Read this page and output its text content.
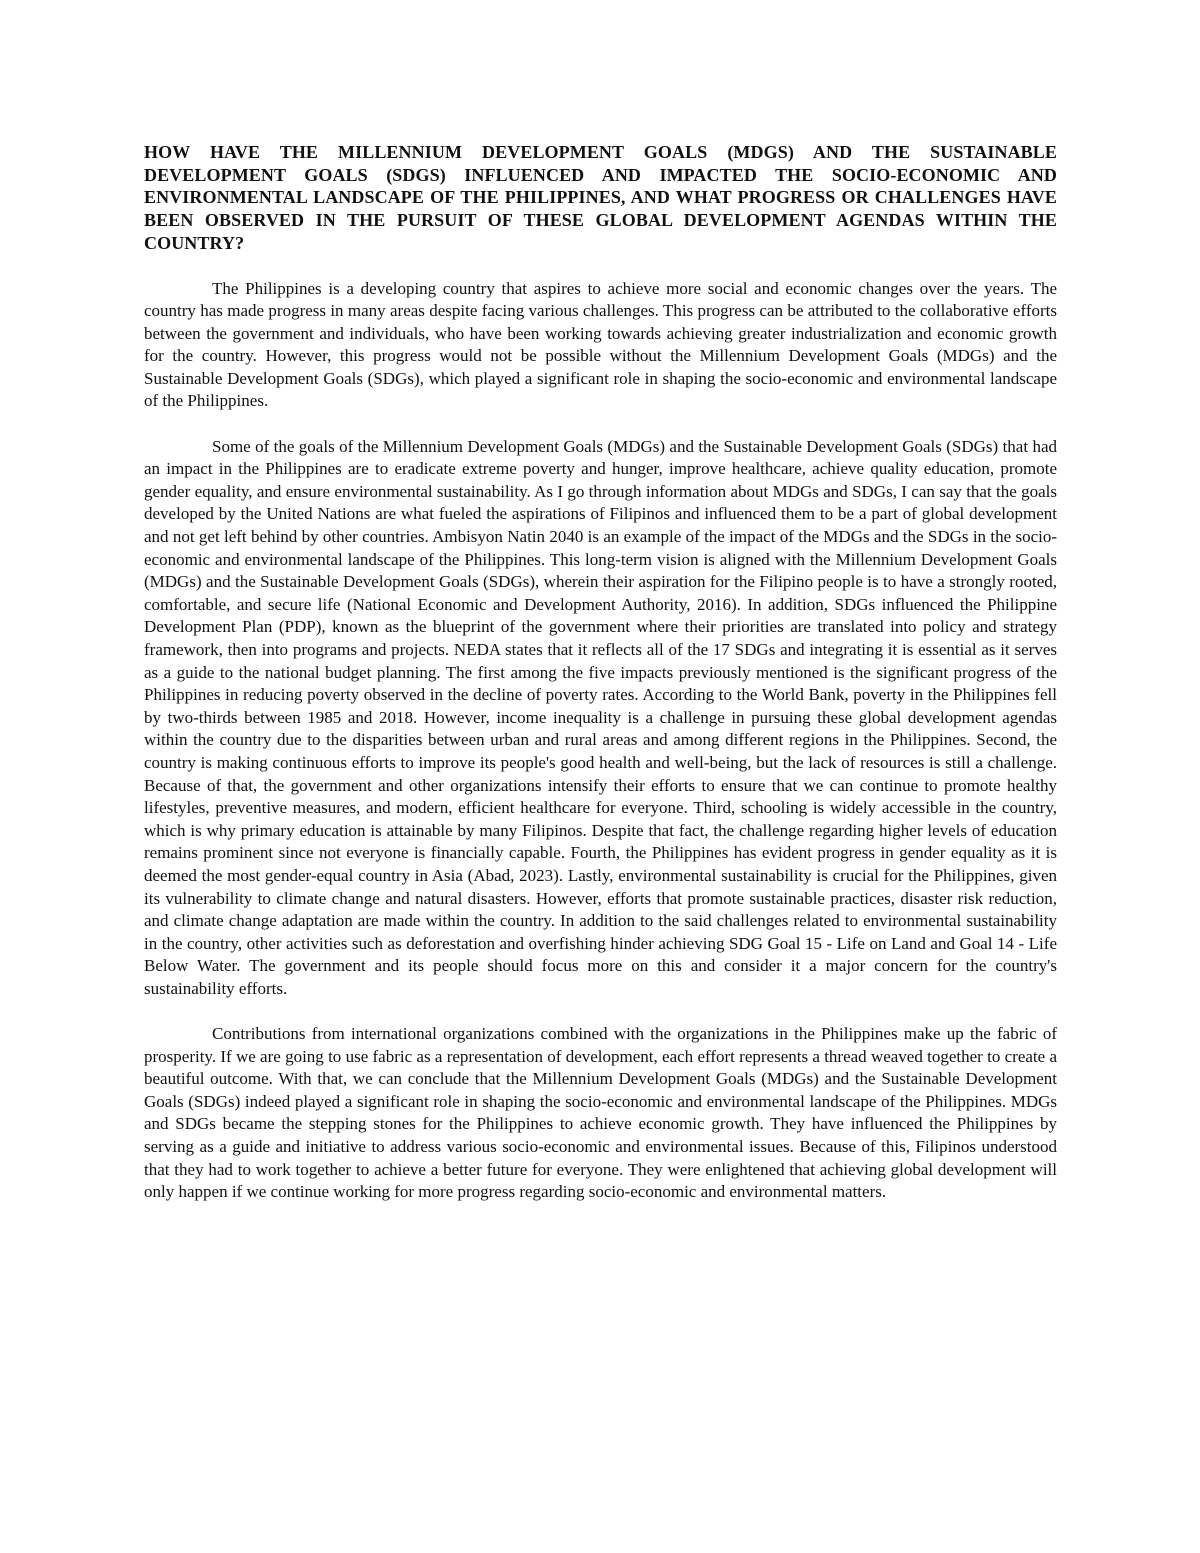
HOW HAVE THE MILLENNIUM DEVELOPMENT GOALS (MDGS) AND THE SUSTAINABLE DEVELOPMENT GOALS (SDGS) INFLUENCED AND IMPACTED THE SOCIO-ECONOMIC AND ENVIRONMENTAL LANDSCAPE OF THE PHILIPPINES, AND WHAT PROGRESS OR CHALLENGES HAVE BEEN OBSERVED IN THE PURSUIT OF THESE GLOBAL DEVELOPMENT AGENDAS WITHIN THE COUNTRY?

The Philippines is a developing country that aspires to achieve more social and economic changes over the years. The country has made progress in many areas despite facing various challenges. This progress can be attributed to the collaborative efforts between the government and individuals, who have been working towards achieving greater industrialization and economic growth for the country. However, this progress would not be possible without the Millennium Development Goals (MDGs) and the Sustainable Development Goals (SDGs), which played a significant role in shaping the socio-economic and environmental landscape of the Philippines.

Some of the goals of the Millennium Development Goals (MDGs) and the Sustainable Development Goals (SDGs) that had an impact in the Philippines are to eradicate extreme poverty and hunger, improve healthcare, achieve quality education, promote gender equality, and ensure environmental sustainability. As I go through information about MDGs and SDGs, I can say that the goals developed by the United Nations are what fueled the aspirations of Filipinos and influenced them to be a part of global development and not get left behind by other countries. Ambisyon Natin 2040 is an example of the impact of the MDGs and the SDGs in the socio-economic and environmental landscape of the Philippines. This long-term vision is aligned with the Millennium Development Goals (MDGs) and the Sustainable Development Goals (SDGs), wherein their aspiration for the Filipino people is to have a strongly rooted, comfortable, and secure life (National Economic and Development Authority, 2016). In addition, SDGs influenced the Philippine Development Plan (PDP), known as the blueprint of the government where their priorities are translated into policy and strategy framework, then into programs and projects. NEDA states that it reflects all of the 17 SDGs and integrating it is essential as it serves as a guide to the national budget planning. The first among the five impacts previously mentioned is the significant progress of the Philippines in reducing poverty observed in the decline of poverty rates. According to the World Bank, poverty in the Philippines fell by two-thirds between 1985 and 2018. However, income inequality is a challenge in pursuing these global development agendas within the country due to the disparities between urban and rural areas and among different regions in the Philippines. Second, the country is making continuous efforts to improve its people's good health and well-being, but the lack of resources is still a challenge. Because of that, the government and other organizations intensify their efforts to ensure that we can continue to promote healthy lifestyles, preventive measures, and modern, efficient healthcare for everyone. Third, schooling is widely accessible in the country, which is why primary education is attainable by many Filipinos. Despite that fact, the challenge regarding higher levels of education remains prominent since not everyone is financially capable. Fourth, the Philippines has evident progress in gender equality as it is deemed the most gender-equal country in Asia (Abad, 2023). Lastly, environmental sustainability is crucial for the Philippines, given its vulnerability to climate change and natural disasters. However, efforts that promote sustainable practices, disaster risk reduction, and climate change adaptation are made within the country. In addition to the said challenges related to environmental sustainability in the country, other activities such as deforestation and overfishing hinder achieving SDG Goal 15 - Life on Land and Goal 14 - Life Below Water. The government and its people should focus more on this and consider it a major concern for the country's sustainability efforts.

Contributions from international organizations combined with the organizations in the Philippines make up the fabric of prosperity. If we are going to use fabric as a representation of development, each effort represents a thread weaved together to create a beautiful outcome. With that, we can conclude that the Millennium Development Goals (MDGs) and the Sustainable Development Goals (SDGs) indeed played a significant role in shaping the socio-economic and environmental landscape of the Philippines. MDGs and SDGs became the stepping stones for the Philippines to achieve economic growth. They have influenced the Philippines by serving as a guide and initiative to address various socio-economic and environmental issues. Because of this, Filipinos understood that they had to work together to achieve a better future for everyone. They were enlightened that achieving global development will only happen if we continue working for more progress regarding socio-economic and environmental matters.
